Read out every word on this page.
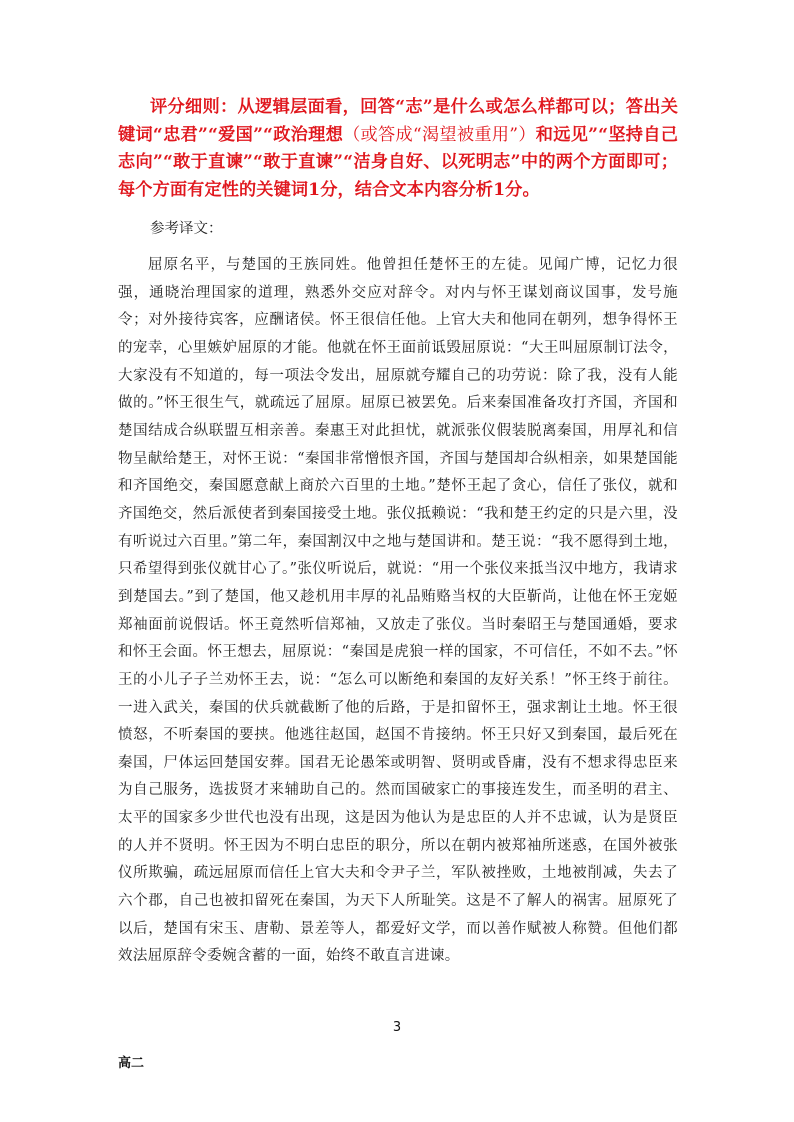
评分细则：从逻辑层面看，回答“志”是什么或怎么样都可以；答出关键词“忠君”“爱国”“政治理想（或答成“渴望被重用”）和远见”“坚持自己志向”“敢于直谏”“敢于直谏”“洁身自好、以死明志”中的两个方面即可；每个方面有定性的关键词1分，结合文本内容分析1分。
参考译文：
屈原名平，与楚国的王族同姓。他曾担任楚怀王的左徒。见闻广博，记忆力很强，通晓治理国家的道理，熟悉外交应对辞令。对内与怀王谋划商议国事，发号施令；对外接待宾客，应酬诸侯。怀王很信任他。上官大夫和他同在朝列，想争得怀王的宠幸，心里嫉妒屈原的才能。他就在怀王面前诋毁屈原说：“大王叫屈原制订法令，大家没有不知道的，每一项法令发出，屈原就夸耀自己的功劳说：除了我，没有人能做的。”怀王很生气，就疏远了屈原。屈原已被罢免。后来秦国准备攻打齐国，齐国和楚国结成合纵联盟互相亲善。秦惠王对此担忧，就派张仪假装脱离秦国，用厚礼和信物呈献给楚王，对怀王说：“秦国非常憎恨齐国，齐国与楚国却合纵相亲，如果楚国能和齐国绝交，秦国愿意献上商於六百里的土地。”楚怀王起了贪心，信任了张仪，就和齐国绝交，然后派使者到秦国接受土地。张仪抵赖说：“我和楚王约定的只是六里，没有听说过六百里。”第二年，秦国割汉中之地与楚国讲和。楚王说：“我不愿得到土地，只希望得到张仪就甘心了。”张仪听说后，就说：“用一个张仪来抵当汉中地方，我请求到楚国去。”到了楚国，他又趁机用丰厚的礼品贿赂当权的大臣靳尚，让他在怀王宠姬郑袖面前说假话。怀王竟然听信郑袖，又放走了张仪。当时秦昭王与楚国通婚，要求和怀王会面。怀王想去，屈原说：“秦国是虎狼一样的国家，不可信任，不如不去。”怀王的小儿子子兰劝怀王去，说：“怎么可以断绝和秦国的友好关系！”怀王终于前往。一进入武关，秦国的伏兵就截断了他的后路，于是扣留怀王，强求割让土地。怀王很愤怒，不听秦国的要挟。他逃往赵国，赵国不肯接纳。怀王只好又到秦国，最后死在秦国，尸体运回楚国安葬。国君无论愚笨或明智、贤明或昏庸，没有不想求得忠臣来为自己服务，选拔贤才来辅助自己的。然而国破家亡的事接连发生，而圣明的君主、太平的国家多少世代也没有出现，这是因为他认为是忠臣的人并不忠诚，认为是贤臣的人并不贤明。怀王因为不明白忠臣的职分，所以在朝内被郑袖所迷惑，在国外被张仪所欺骗，疏远屈原而信任上官大夫和令尹子兰，军队被挫败，土地被削减，失去了六个郡，自己也被扣留死在秦国，为天下人所耻笑。这是不了解人的祸害。屈原死了以后，楚国有宋玉、唐勒、景差等人，都爱好文学，而以善作赋被人称赞。但他们都效法屈原辞令委婉含蓄的一面，始终不敢直言进谏。
3
高二
